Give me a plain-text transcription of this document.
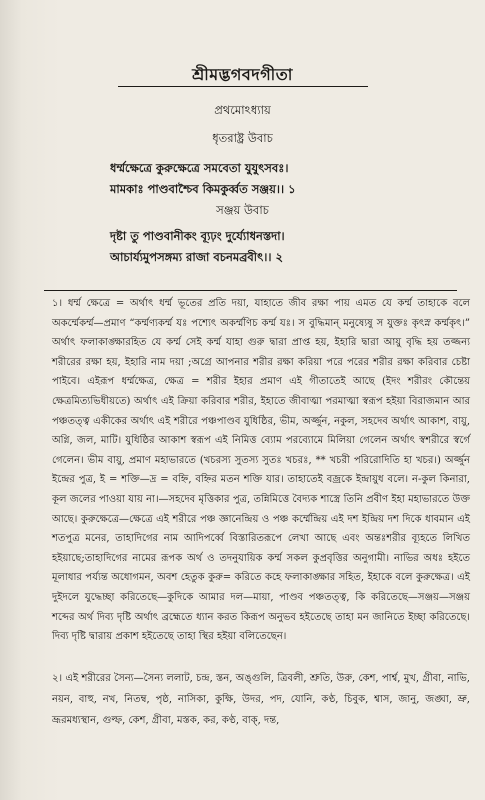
শ্রীমদ্ভগবদগীতা
প্রথমোঽধ্যায়
ধৃতরাষ্ট্র উবাচ
ধর্ম্মক্ষেত্রে কুরুক্ষেত্রে সমবেতা যুযুৎসবঃ।
মামকাঃ পাণ্ডবাশ্চৈব কিমকুর্ব্বত সঞ্জয়।। ১
সঞ্জয় উবাচ
দৃষ্টা তু পাণ্ডবানীকং ব্যূঢ়ং দুর্য্যোধনস্তদা।
আচার্য্যমুপসঙ্গম্য রাজা বচনমব্রবীৎ।। ২

১। ধর্ম্ম ক্ষেত্রে = অর্থাৎ ধর্ম্ম ভূতের প্রতি দয়া, যাহাতে জীব রক্ষা পায় এমত যে কর্ম্ম তাহাকে বলে অকর্ম্মেকর্ম্ম—প্রমাণ “কর্ম্মণ্যকর্ম্ম যঃ পশ্যেৎ অকর্ম্মণিচ কর্ম্ম যঃ। স বুদ্ধিমান্ মনুষ্যেষু স যুক্তঃ কৃৎস্ন কর্ম্মকৃৎ।” অর্থাৎ ফলাকাঙ্ক্ষারহিত যে কর্ম্ম সেই কর্ম্ম যাহা গুরু দ্বারা প্রাপ্ত হয়, ইহারি দ্বারা আয়ু বৃদ্ধি হয় তজ্জন্য শরীরের রক্ষা হয়, ইহারি নাম দয়া ;অগ্রে আপনার শরীর রক্ষা করিয়া পরে পরের শরীর রক্ষা করিবার চেষ্টা পাইবে। এইরূপ ধর্ম্মক্ষেত্র, ক্ষেত্র = শরীর ইহার প্রমাণ এই গীতাতেই আছে (ইদং শরীরং কৌন্তেয় ক্ষেত্রমিত্যভিধীয়তে) অর্থাৎ এই ক্রিয়া করিবার শরীর, ইহাতে জীবাত্মা পরমাত্মা স্বরূপ হইয়া বিরাজমান আর পঞ্চতত্ত্ব একীকের অর্থাৎ এই শরীরে পঞ্চপাণ্ডব যুধিষ্ঠির, ভীম, অর্জ্জুন, নকুল, সহদেব অর্থাৎ আকাশ, বায়ু, অগ্নি, জল, মাটি। যুধিষ্ঠির আকাশ স্বরূপ এই নিমিত্ত ব্যোম পরব্যোমে মিলিয়া গেলেন অর্থাৎ স্বশরীরে স্বর্গে গেলেন। ভীম বায়ু, প্রমাণ মহাভারতে (খচরস্য সুতস্য সুতঃ খচরঃ, ** খচরী পরিরোদিতি হা খচর।) অর্জ্জুন ইন্দ্রের পুত্র, ই = শক্তি—দ্র = বহ্নি, বহ্নির মতন শক্তি যার। তাহাতেই বজ্রকে ইন্দ্রায়ুধ বলে। ন-কুল কিনারা, কূল জলের পাওয়া যায় না।—সহদেব মৃত্তিকার পুত্র, তন্নিমিত্তে বৈদ্যক শাস্ত্রে তিনি প্রবীণ ইহা মহাভারতে উক্ত আছে। কুরুক্ষেত্রে—ক্ষেত্রে এই শরীরে পঞ্চ জ্ঞানেন্দ্রিয় ও পঞ্চ কর্ম্মেন্দ্রিয় এই দশ ইন্দ্রিয় দশ দিকে ধাবমান এই শতপুত্র মনের, তাহাদিগের নাম আদিপর্ব্বে বিস্তারিতরূপে লেখা আছে এবং অন্তঃশরীর ব্যূহতে লিখিত হইয়াছে;তাহাদিগের নামের রূপক অর্থ ও তদনুযায়িক কর্ম্ম সকল কুপ্রবৃত্তির অনুগামী। নাভির অধঃ হইতে মূলাধার পর্য্যন্ত অধোগমন, অবশ হেতুক কুরু= করিতে কহে ফলাকাঙ্ক্ষার সহিত, ইহাকে বলে কুরুক্ষেত্র। এই দুইদলে যুদ্ধেচ্ছা করিতেছে—কুদিকে আমার দল—মায়া, পাণ্ডব পঞ্চতত্ত্ব, কি করিতেছে—সঞ্জয়—সঞ্জয় শব্দের অর্থ দিব্য দৃষ্টি অর্থাৎ ব্রহ্মেতে ধ্যান করত কিরূপ অনুভব হইতেছে তাহা মন জানিতে ইচ্ছা করিতেছে। দিব্য দৃষ্টি দ্বারায় প্রকাশ হইতেছে তাহা স্থির হইয়া বলিতেছেন।

২। এই শরীরের সৈন্য—সৈন্য ললাট, চন্দ্র, স্তন, অঙ্গুলি, ত্রিবলী, শ্রুতি, উরু, কেশ, পার্শ্ব, মুখ, গ্রীবা, নাভি, নয়ন, বাহু, নখ, নিতম্ব, পৃষ্ঠ, নাসিকা, কুক্ষি, উদর, পদ, যোনি, কণ্ঠ, চিবুক, শ্বাস, জানু, জঙ্ঘা, ভ্রু, ভ্রূরমধ্যস্থান, গুল্ফ, কেশ, গ্রীবা, মস্তক, কর, কণ্ঠ, বাক্, দন্ত,
